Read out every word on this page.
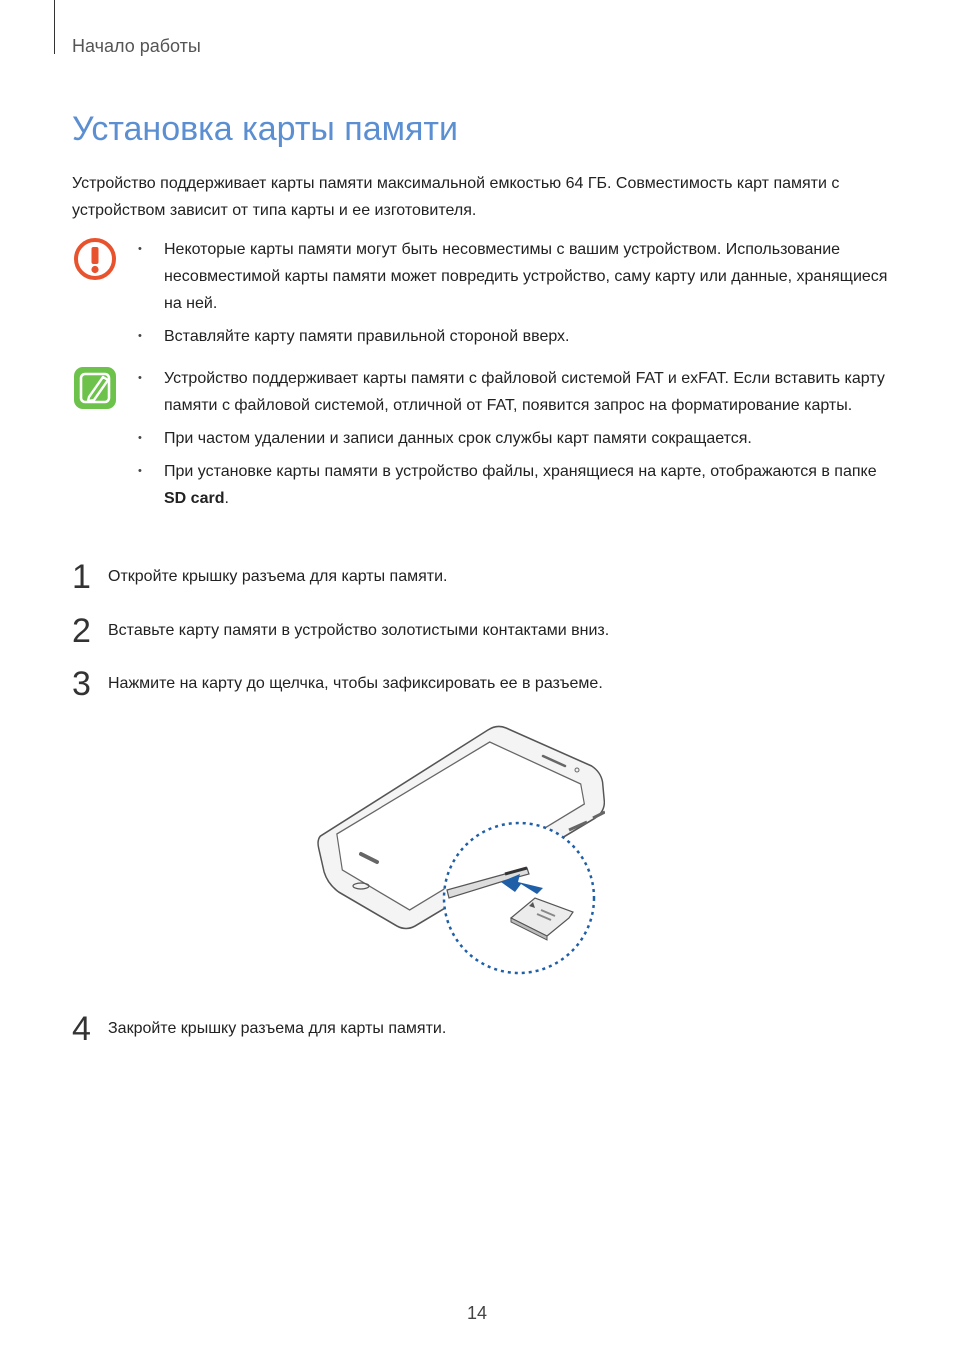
Начало работы
Установка карты памяти

Устройство поддерживает карты памяти максимальной емкостью 64 ГБ. Совместимость карт памяти с устройством зависит от типа карты и ее изготовителя.

• Некоторые карты памяти могут быть несовместимы с вашим устройством. Использование несовместимой карты памяти может повредить устройство, саму карту или данные, хранящиеся на ней.
• Вставляйте карту памяти правильной стороной вверх.
• Устройство поддерживает карты памяти с файловой системой FAT и exFAT. Если вставить карту памяти с файловой системой, отличной от FAT, появится запрос на форматирование карты.
• При частом удалении и записи данных срок службы карт памяти сокращается.
• При установке карты памяти в устройство файлы, хранящиеся на карте, отображаются в папке SD card.
1 Откройте крышку разъема для карты памяти.
2 Вставьте карту памяти в устройство золотистыми контактами вниз.
3 Нажмите на карту до щелчка, чтобы зафиксировать ее в разъеме.
4 Закройте крышку разъема для карты памяти.
14
